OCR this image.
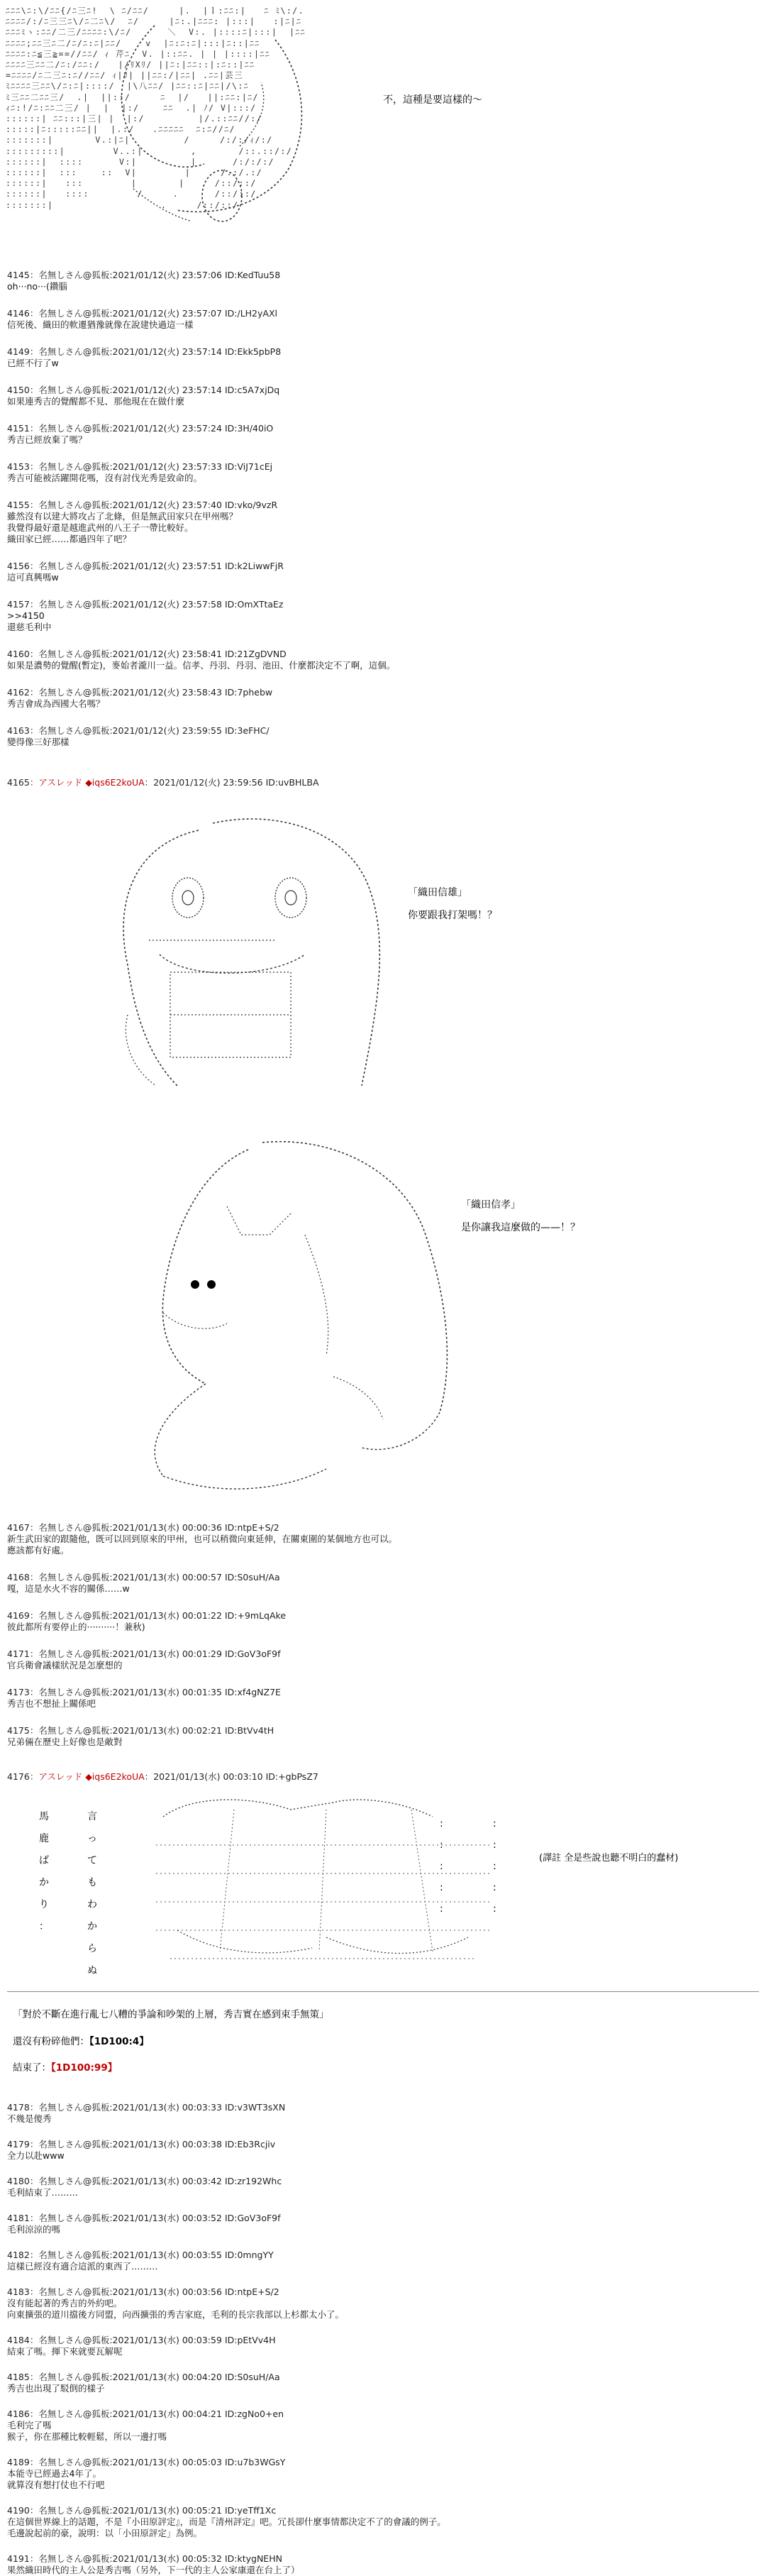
ﾆﾆﾆ\ﾆ:\/ﾆﾆ{/ﾆ三ﾆ!  \ ﾆ/ﾆﾆ/     |.  |ｌ:ﾆﾆ:|   ﾆ ﾐ\:/.
ﾆﾆﾆﾆ/:/ﾆ三三ﾆ\/ﾆ二ﾆ\/  ﾆ/     |ﾆ:.|ﾆﾆﾆ: |:::|   :|ﾆ|ﾆ
ﾆﾆﾆﾐヽ:ﾆﾆ/二三/ﾆﾆﾆﾆ:\/ﾆ/      ＼  V:. |::::ﾆ|:::|  |ﾆﾆ
ﾆﾆﾆﾆ;ﾆﾆ三ﾆ二/ﾆ/ﾆ:ﾆ|ﾆﾆ/    v  |ﾆ:ﾆ:ﾆ|:::|ﾆ::|ﾆﾆ
ﾆﾆﾆﾆ:ﾆ≦三≧==//ﾆﾆ/ ｨ 芹ﾆ  V. |::ﾆﾆ. | | |::::|ﾆﾆ
ﾆﾆﾆﾆ三ﾆﾆ二/ﾆ:/ﾆﾆ:/   |/ﾘXﾘ/ ||ﾆ:|ﾆﾆ::|:ﾆ::|ﾆﾆ
=ﾆﾆﾆﾆ/ﾆ二三ﾆ:ﾆ//ﾆﾆ/ ｨ|ﾘ| ||ﾆﾆ:/|ﾆﾆ| .ﾆﾆ|芸三
ﾐﾆﾆﾆﾆ三ﾆﾆ\/ﾆ:ﾆ|::::/  |\八ﾆﾆ/ |ﾆﾆ::ﾆ|ﾆﾆ|/\:ﾆ
ﾐ三ﾆﾆ二ﾆﾆ三/  .|  ||::/     ﾆ  |/   ||:ﾆﾆ:|ﾆ/
ｨﾆ:!/ﾆ:ﾆﾆ二三/ |  |  |:/    ﾆﾆ  .| ﾉ/ V|:::/
::::::| ﾆﾆ:::|三| |  |:/         |/.::ﾆﾆ//:/
:::::|ﾆ:::::ﾆﾆ||  |.:/   .ﾆﾆﾆﾆﾆ  ﾆ:ﾆ//ﾆ/
:::::::|       V.:|ﾆ|         /     /:/:/ｨ/:/
:::::::::|        V..:|        ,       /::.::/:/
::::::|  ::::      V:|         |      /:/:/:/
::::::|  :::    ::  V|        |     /.:/.:/
::::::|   :::        |       |     /::/::/
::::::|   ::::        /     .      /::/::/
:::::::|                  .     /::/::/
不，這種是要這樣的〜
4145：名無しさん@狐板:2021/01/12(火) 23:57:06 ID:KedTuu58
oh···no···(鑽腦
4146：名無しさん@狐板:2021/01/12(火) 23:57:07 ID:/LH2yAXl
信死後、織田的軟遷猶豫就像在說建快過這一樣
4149：名無しさん@狐板:2021/01/12(火) 23:57:14 ID:Ekk5pbP8
已經不行了w
4150：名無しさん@狐板:2021/01/12(火) 23:57:14 ID:c5A7xjDq
如果連秀吉的覺醒都不見、那他現在在做什麼
4151：名無しさん@狐板:2021/01/12(火) 23:57:24 ID:3H/40iO
秀吉已經放棄了嗎？
4153：名無しさん@狐板:2021/01/12(火) 23:57:33 ID:ViJ71cEj
秀吉可能被活躍開花嗎，沒有討伐光秀是致命的。
4155：名無しさん@狐板:2021/01/12(火) 23:57:40 ID:vko/9vzR
雖然沒有以建大將攻占了北條，但是無武田家只在甲州嗎？
我覺得最好還是越進武州的八王子一帶比較好。
織田家已經……都過四年了吧？
4156：名無しさん@狐板:2021/01/12(火) 23:57:51 ID:k2LiwwFjR
這可真興嗎w
4157：名無しさん@狐板:2021/01/12(火) 23:57:58 ID:OmXTtaEz
>>4150
還慈毛利中
4160：名無しさん@狐板:2021/01/12(火) 23:58:41 ID:21ZgDVND
如果是濃勢的覺醒(暫定)，麥始者瀧川一益。信孝、丹羽、丹羽、池田、什麼都決定不了啊，這個。
4162：名無しさん@狐板:2021/01/12(火) 23:58:43 ID:7phebw
秀吉會成為西國大名嗎？
4163：名無しさん@狐板:2021/01/12(火) 23:59:55 ID:3eFHC/
變得像三好那樣
4165：アスレッド ◆iqs6E2koUA：2021/01/12(火) 23:59:56 ID:uvBHLBA
「織田信雄」

你要跟我打架嗎！？
「織田信孝」

是你讓我這麼做的——！？
4167：名無しさん@狐板:2021/01/13(水) 00:00:36 ID:ntpE+S/2
新生武田家的跟隨他，既可以回到原來的甲州，也可以稍微向東延伸，在關東圍的某個地方也可以。
應該都有好處。
4168：名無しさん@狐板:2021/01/13(水) 00:00:57 ID:S0suH/Aa
嘎，這是水火不容的關係……w
4169：名無しさん@狐板:2021/01/13(水) 00:01:22 ID:+9mLqAke
彼此都所有要停止的··········！兼秋)
4171：名無しさん@狐板:2021/01/13(水) 00:01:29 ID:GoV3oF9f
官兵衛會議樣狀況是怎麼想的
4173：名無しさん@狐板:2021/01/13(水) 00:01:35 ID:xf4gNZ7E
秀吉也不想扯上關係吧
4175：名無しさん@狐板:2021/01/13(水) 00:02:21 ID:BtVv4tH
兄弟倆在歷史上好像也是敵對
4176：アスレッド ◆iqs6E2koUA：2021/01/13(水) 00:03:10 ID:+gbPsZ7
馬
鹿
ば
か
り
：
言
っ
て
も
わ
か
ら
ぬ
:
:
:
:
:
:
:
:
:
:
(譯註 全是些說也聽不明白的蠢材)
「對於不斷在進行亂七八糟的爭論和吵架的上層，秀吉實在感到束手無策」
還沒有粉碎他們：【1D100:4】
結束了：【1D100:99】
4178：名無しさん@狐板:2021/01/13(水) 00:03:33 ID:v3WT3sXN
不幾是傻秀
4179：名無しさん@狐板:2021/01/13(水) 00:03:38 ID:Eb3Rcjiv
全力以赴www
4180：名無しさん@狐板:2021/01/13(水) 00:03:42 ID:zr192Whc
毛利結束了………
4181：名無しさん@狐板:2021/01/13(水) 00:03:52 ID:GoV3oF9f
毛利涼涼的嗎
4182：名無しさん@狐板:2021/01/13(水) 00:03:55 ID:0mngYY
這樣已經沒有適合這派的東西了………
4183：名無しさん@狐板:2021/01/13(水) 00:03:56 ID:ntpE+S/2
沒有能起著的秀吉的外約吧。
向東擴張的道川擋後方同盟，向西擴張的秀吉家庭，毛利的長宗我部以上杉都太小了。
4184：名無しさん@狐板:2021/01/13(水) 00:03:59 ID:pEtVv4H
結束了嗎。揮下來就要瓦解呢
4185：名無しさん@狐板:2021/01/13(水) 00:04:20 ID:S0suH/Aa
秀吉也出現了駁倒的樣子
4186：名無しさん@狐板:2021/01/13(水) 00:04:21 ID:zgNo0+en
毛利完了嗎
猴子，你在那種比較輕鬆，所以一邊打嗎
4189：名無しさん@狐板:2021/01/13(水) 00:05:03 ID:u7b3WGsY
本能寺已經過去4年了。
就算沒有想打仗也不行吧
4190：名無しさん@狐板:2021/01/13(水) 00:05:21 ID:yeTff1Xc
在這個世界線上的話題，不是『小田原評定』，而是『清州評定』吧。冗長卻什麼事情都決定不了的會議的例子。
毛邊說起前的豪，說明：以「小田原評定」為例。
4191：名無しさん@狐板:2021/01/13(水) 00:05:32 ID:ktygNEHN
果然織田時代的主人公是秀吉嗎（另外，下一代的主人公家康還在台上了）
